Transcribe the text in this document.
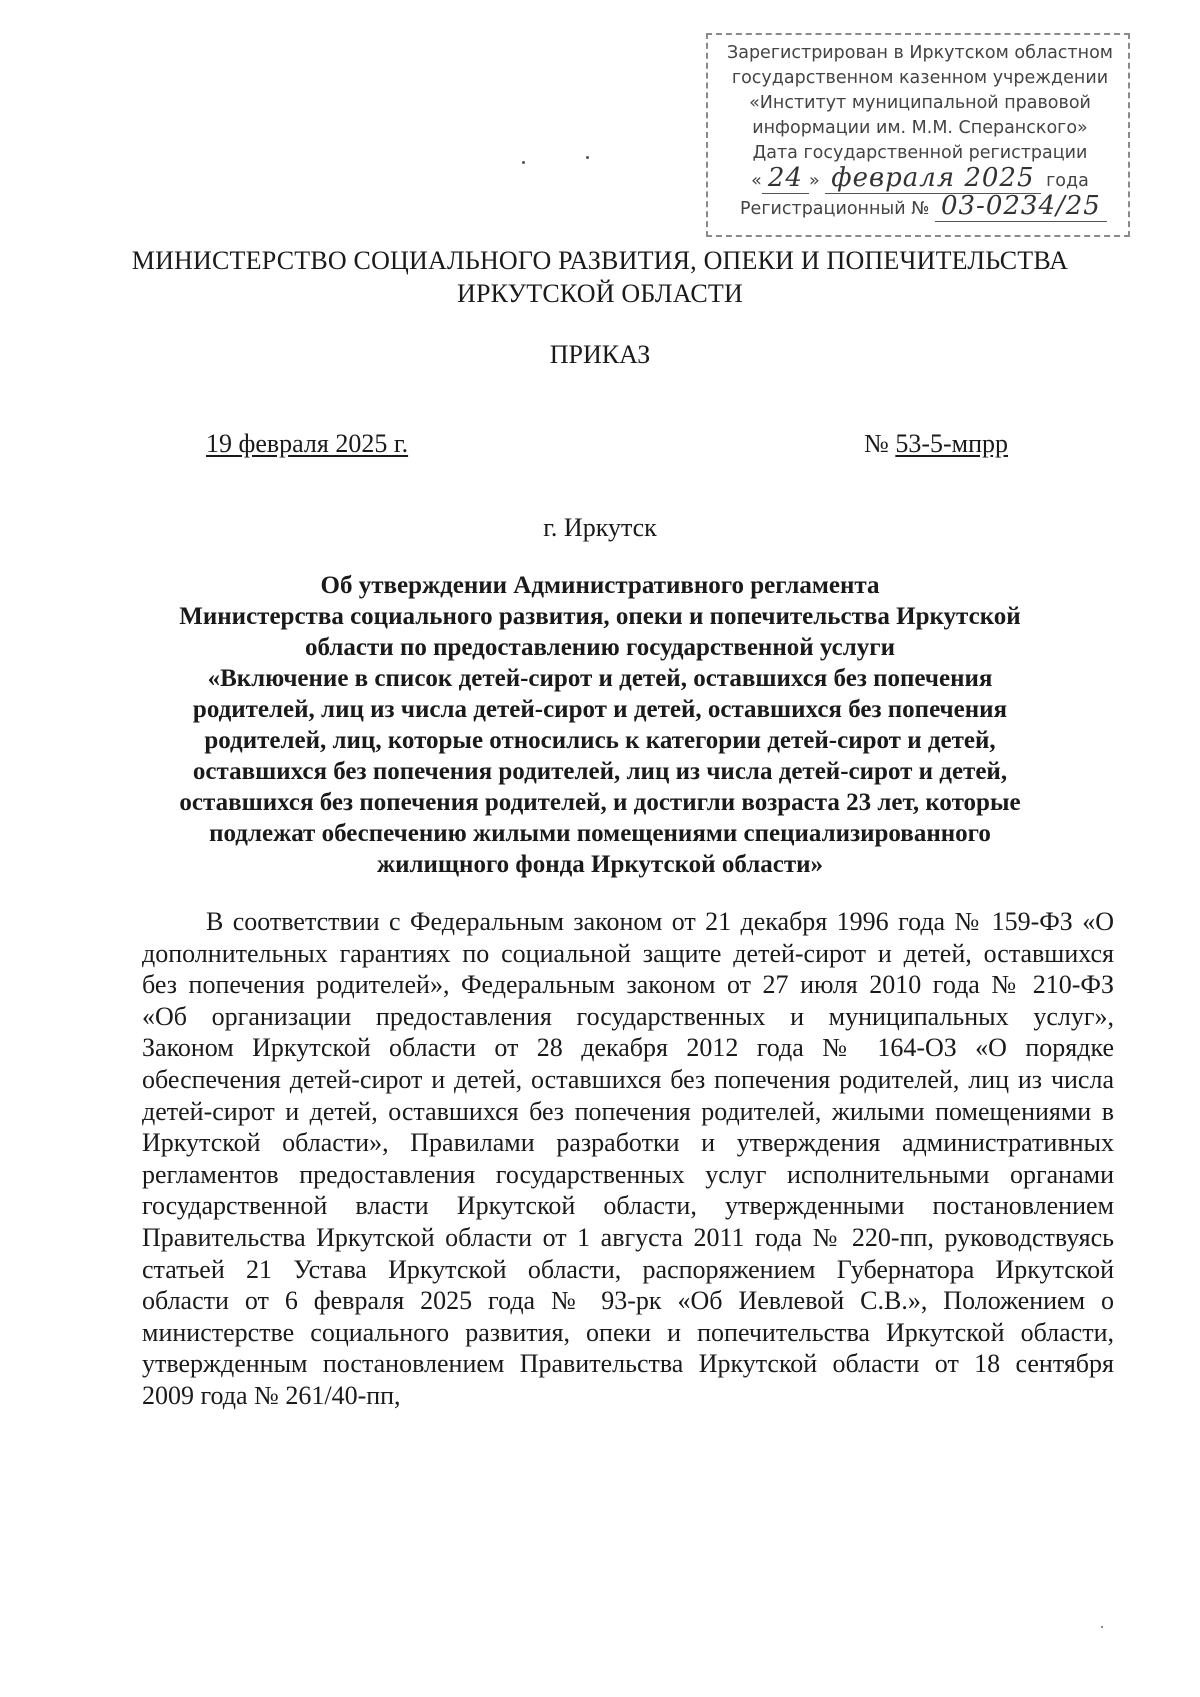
Зарегистрирован в Иркутском областном
государственном казенном учреждении
«Институт муниципальной правовой
информации им. М.М. Сперанского»
Дата государственной регистрации
« 24 » февраля 2025 года
Регистрационный № 03-0234/25
МИНИСТЕРСТВО СОЦИАЛЬНОГО РАЗВИТИЯ, ОПЕКИ И ПОПЕЧИТЕЛЬСТВА
ИРКУТСКОЙ ОБЛАСТИ
ПРИКАЗ
19 февраля 2025 г.	№ 53-5-мпрр
г. Иркутск
Об утверждении Административного регламента
Министерства социального развития, опеки и попечительства Иркутской
области по предоставлению государственной услуги
«Включение в список детей-сирот и детей, оставшихся без попечения
родителей, лиц из числа детей-сирот и детей, оставшихся без попечения
родителей, лиц, которые относились к категории детей-сирот и детей,
оставшихся без попечения родителей, лиц из числа детей-сирот и детей,
оставшихся без попечения родителей, и достигли возраста 23 лет, которые
подлежат обеспечению жилыми помещениями специализированного
жилищного фонда Иркутской области»
В соответствии с Федеральным законом от 21 декабря 1996 года № 159-ФЗ «О
дополнительных гарантиях по социальной защите детей-сирот и детей, оставшихся
без попечения родителей», Федеральным законом от 27 июля 2010 года № 210-ФЗ
«Об организации предоставления государственных и муниципальных услуг»,
Законом Иркутской области от 28 декабря 2012 года № 164-ОЗ «О порядке
обеспечения детей-сирот и детей, оставшихся без попечения родителей, лиц из числа
детей-сирот и детей, оставшихся без попечения родителей, жилыми помещениями в
Иркутской области», Правилами разработки и утверждения административных
регламентов предоставления государственных услуг исполнительными органами
государственной власти Иркутской области, утвержденными постановлением
Правительства Иркутской области от 1 августа 2011 года № 220-пп, руководствуясь
статьей 21 Устава Иркутской области, распоряжением Губернатора Иркутской
области от 6 февраля 2025 года № 93-рк «Об Иевлевой С.В.», Положением о
министерстве социального развития, опеки и попечительства Иркутской области,
утвержденным постановлением Правительства Иркутской области от 18 сентября
2009 года № 261/40-пп,
